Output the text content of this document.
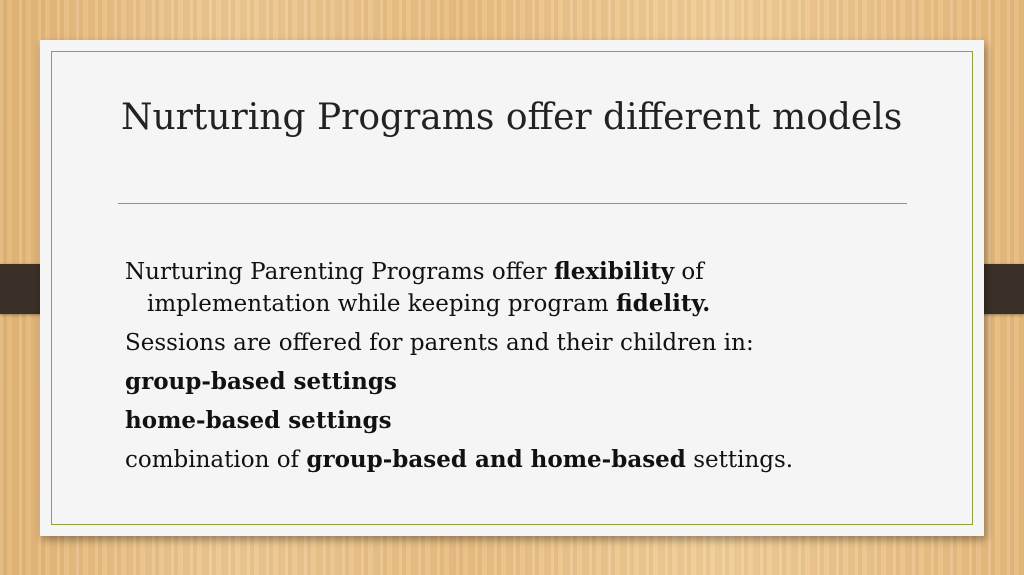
Nurturing Programs offer different models

Nurturing Parenting Programs offer flexibility of implementation while keeping program fidelity.

Sessions are offered for parents and their children in:

group-based settings

home-based settings

combination of group-based and home-based settings.
